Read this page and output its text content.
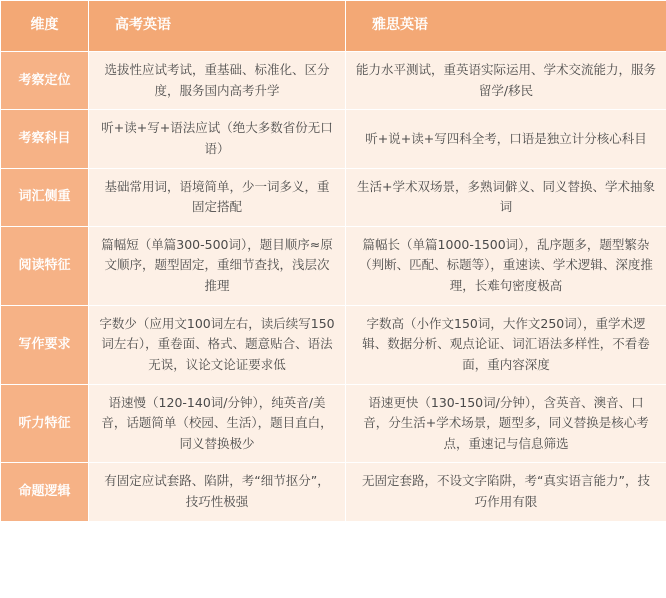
维度	高考英语	雅思英语
考察定位	选拔性应试考试，重基础、标准化、区分度，服务国内高考升学	能力水平测试，重英语实际运用、学术交流能力，服务留学/移民
考察科目	听+读+写+语法应试（绝大多数省份无口语）	听+说+读+写四科全考，口语是独立计分核心科目
词汇侧重	基础常用词，语境简单，少一词多义，重固定搭配	生活+学术双场景，多熟词僻义、同义替换、学术抽象词
阅读特征	篇幅短（单篇300-500词），题目顺序≈原文顺序，题型固定，重细节查找，浅层次推理	篇幅长（单篇1000-1500词），乱序题多，题型繁杂（判断、匹配、标题等），重速读、学术逻辑、深度推理，长难句密度极高
写作要求	字数少（应用文100词左右，读后续写150词左右），重卷面、格式、题意贴合、语法无误，议论文论证要求低	字数高（小作文150词，大作文250词），重学术逻辑、数据分析、观点论证、词汇语法多样性，不看卷面，重内容深度
听力特征	语速慢（120-140词/分钟），纯英音/美音，话题简单（校园、生活），题目直白，同义替换极少	语速更快（130-150词/分钟），含英音、澳音、口音，分生活+学术场景，题型多，同义替换是核心考点，重速记与信息筛选
命题逻辑	有固定应试套路、陷阱，考“细节抠分”，技巧性极强	无固定套路，不设文字陷阱，考“真实语言能力”，技巧作用有限
